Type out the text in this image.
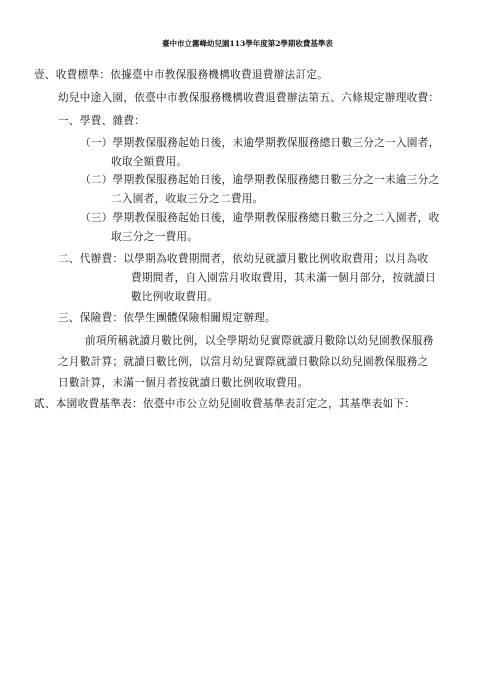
臺中市立霧峰幼兒園113學年度第2學期收費基準表
壹、收費標準：依據臺中市教保服務機構收費退費辦法訂定。
幼兒中途入園，依臺中市教保服務機構收費退費辦法第五、六條規定辦理收費：
一、學費、雜費：
（一）學期教保服務起始日後，未逾學期教保服務總日數三分之一入園者，
收取全額費用。
（二）學期教保服務起始日後，逾學期教保服務總日數三分之一未逾三分之
二入園者，收取三分之二費用。
（三）學期教保服務起始日後，逾學期教保服務總日數三分之二入園者，收
取三分之一費用。
二、代辦費：以學期為收費期間者，依幼兒就讀月數比例收取費用；以月為收
費期間者，自入園當月收取費用，其未滿一個月部分，按就讀日
數比例收取費用。
三、保險費：依學生團體保險相關規定辦理。
前項所稱就讀月數比例，以全學期幼兒實際就讀月數除以幼兒園教保服務
之月數計算；就讀日數比例，以當月幼兒實際就讀日數除以幼兒園教保服務之
日數計算，未滿一個月者按就讀日數比例收取費用。
貳、本園收費基準表：依臺中市公立幼兒園收費基準表訂定之，其基準表如下：
